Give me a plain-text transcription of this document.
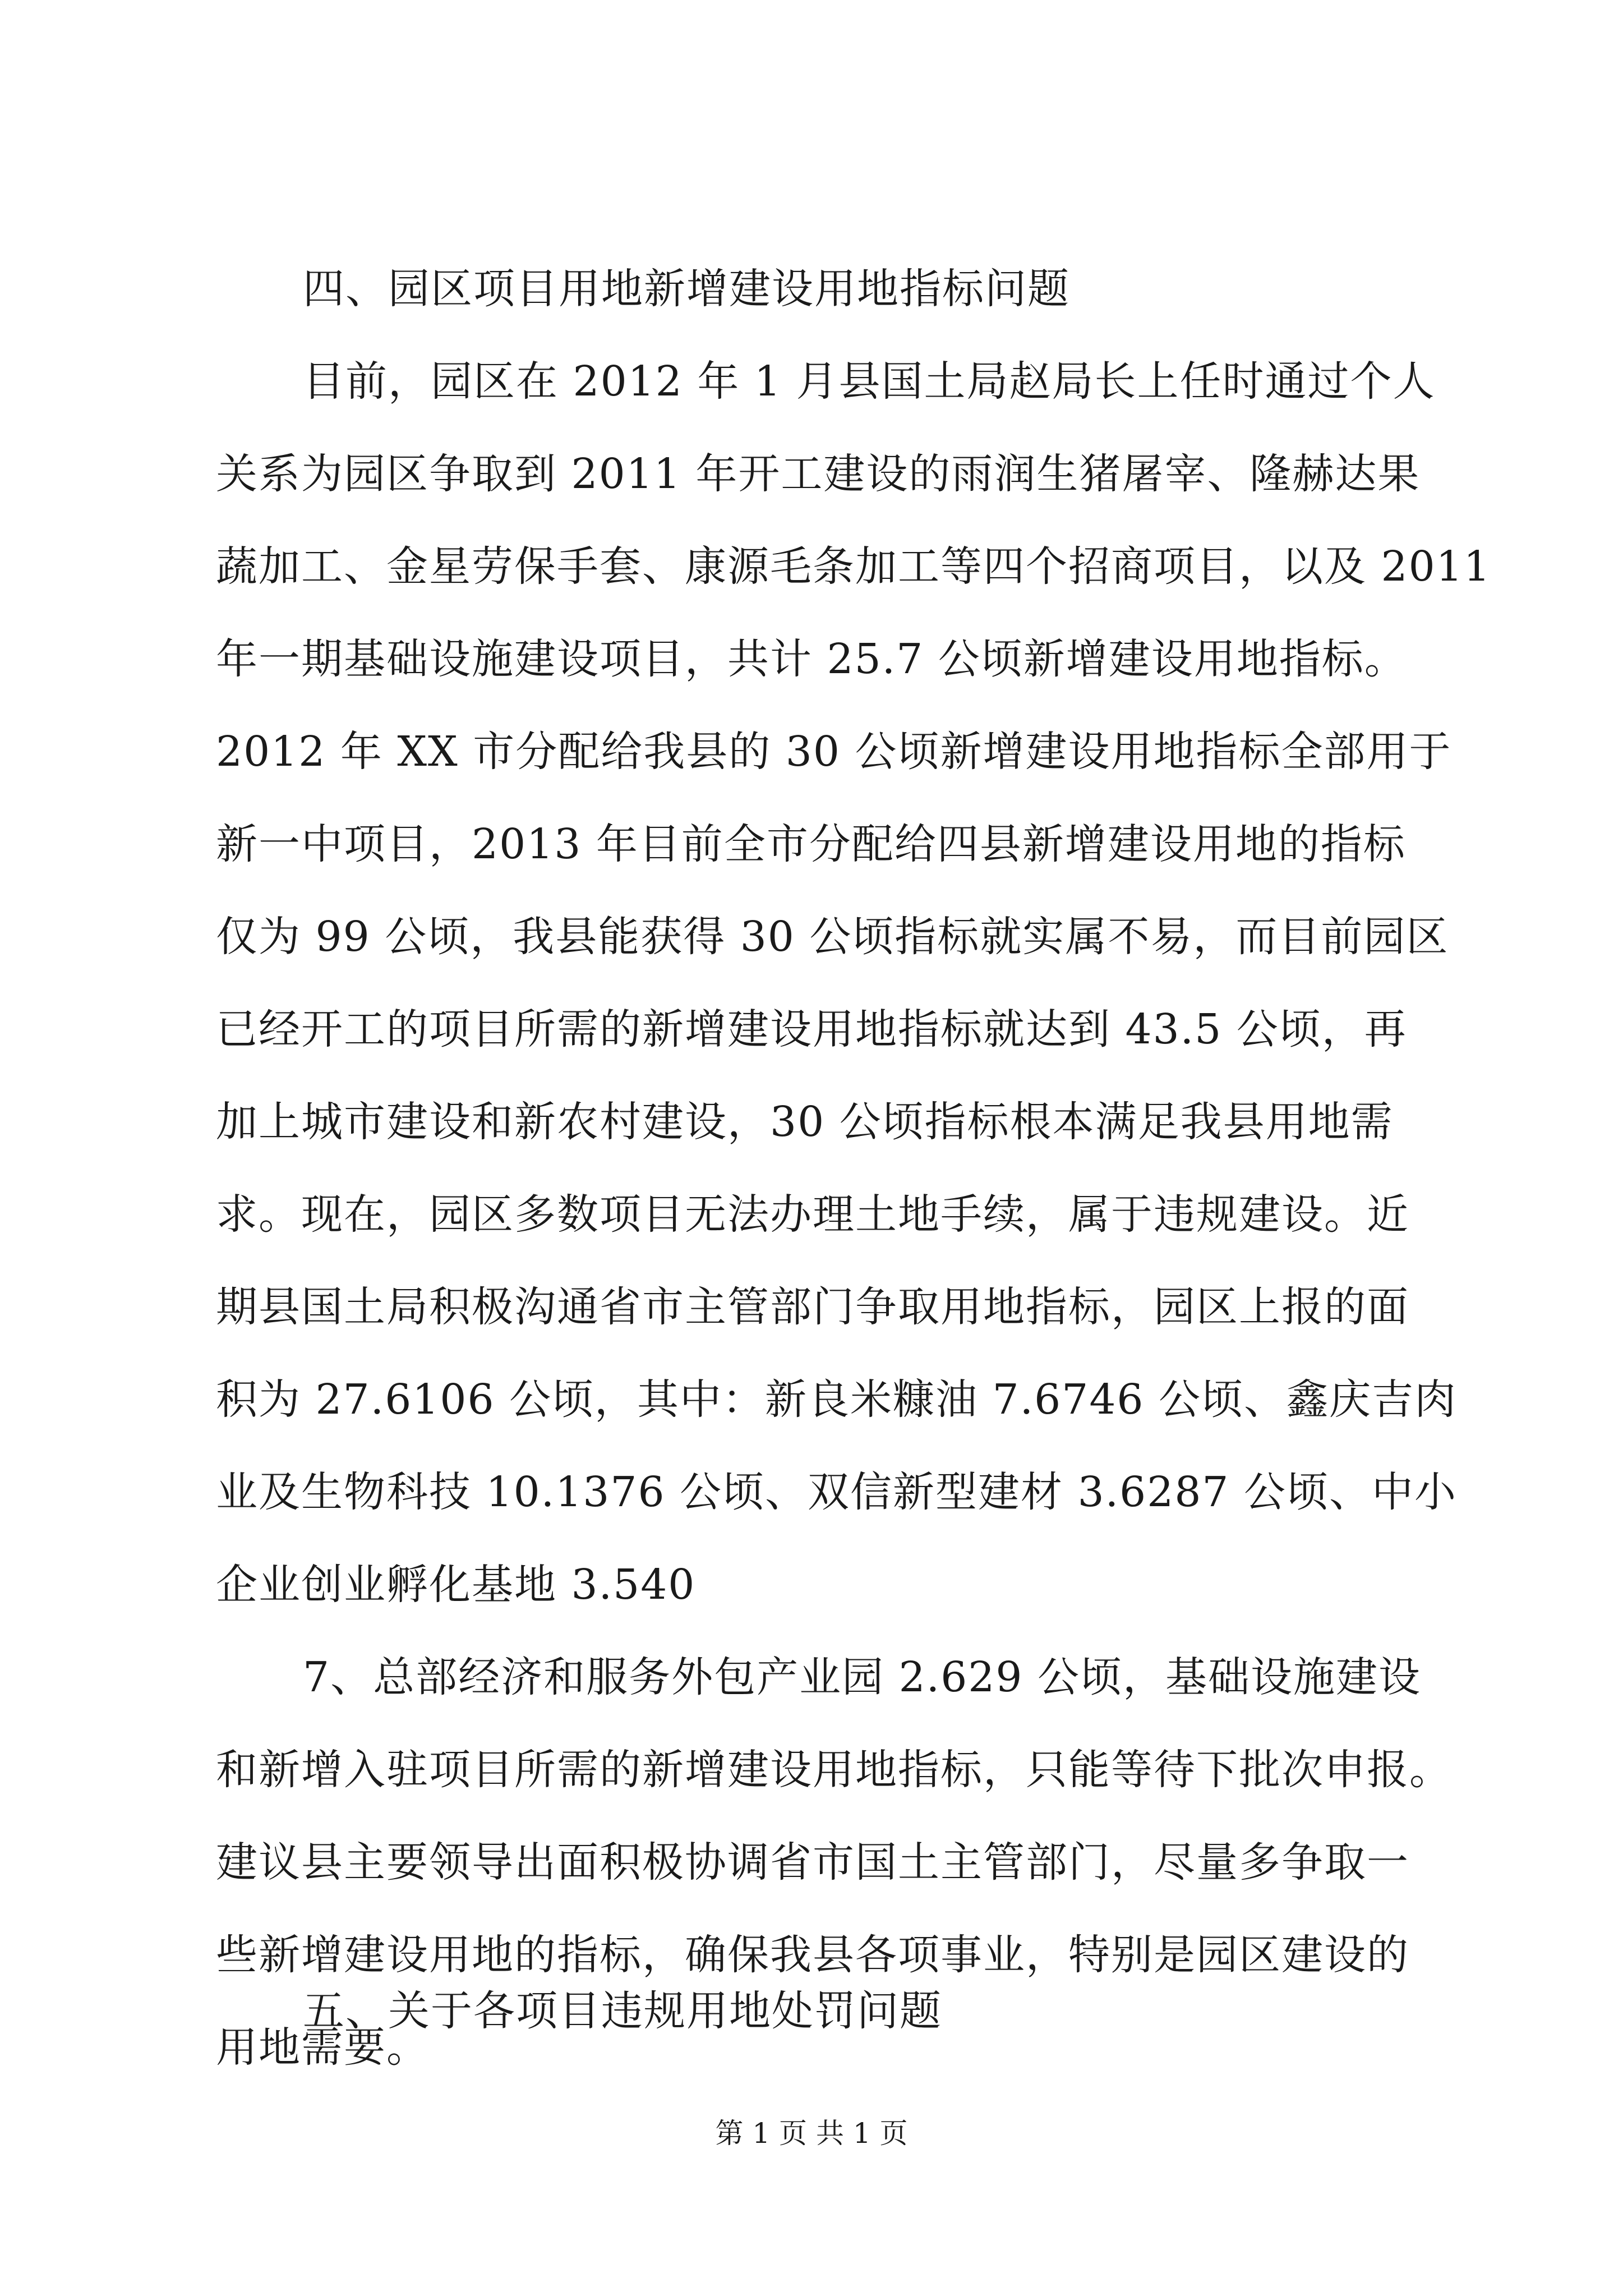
四、园区项目用地新增建设用地指标问题
目前，园区在 2012 年 1 月县国土局赵局长上任时通过个人
关系为园区争取到 2011 年开工建设的雨润生猪屠宰、隆赫达果
蔬加工、金星劳保手套、康源毛条加工等四个招商项目，以及 2011
年一期基础设施建设项目，共计 25.7 公顷新增建设用地指标。
2012 年 XX 市分配给我县的 30 公顷新增建设用地指标全部用于
新一中项目，2013 年目前全市分配给四县新增建设用地的指标
仅为 99 公顷，我县能获得 30 公顷指标就实属不易，而目前园区
已经开工的项目所需的新增建设用地指标就达到 43.5 公顷，再
加上城市建设和新农村建设，30 公顷指标根本满足我县用地需
求。现在，园区多数项目无法办理土地手续，属于违规建设。近
期县国土局积极沟通省市主管部门争取用地指标，园区上报的面
积为 27.6106 公顷，其中：新良米糠油 7.6746 公顷、鑫庆吉肉
业及生物科技 10.1376 公顷、双信新型建材 3.6287 公顷、中小
企业创业孵化基地 3.540
7、总部经济和服务外包产业园 2.629 公顷，基础设施建设
和新增入驻项目所需的新增建设用地指标，只能等待下批次申报。
建议县主要领导出面积极协调省市国土主管部门，尽量多争取一
些新增建设用地的指标，确保我县各项事业，特别是园区建设的
用地需要。
五、关于各项目违规用地处罚问题
第 1 页 共 1 页
